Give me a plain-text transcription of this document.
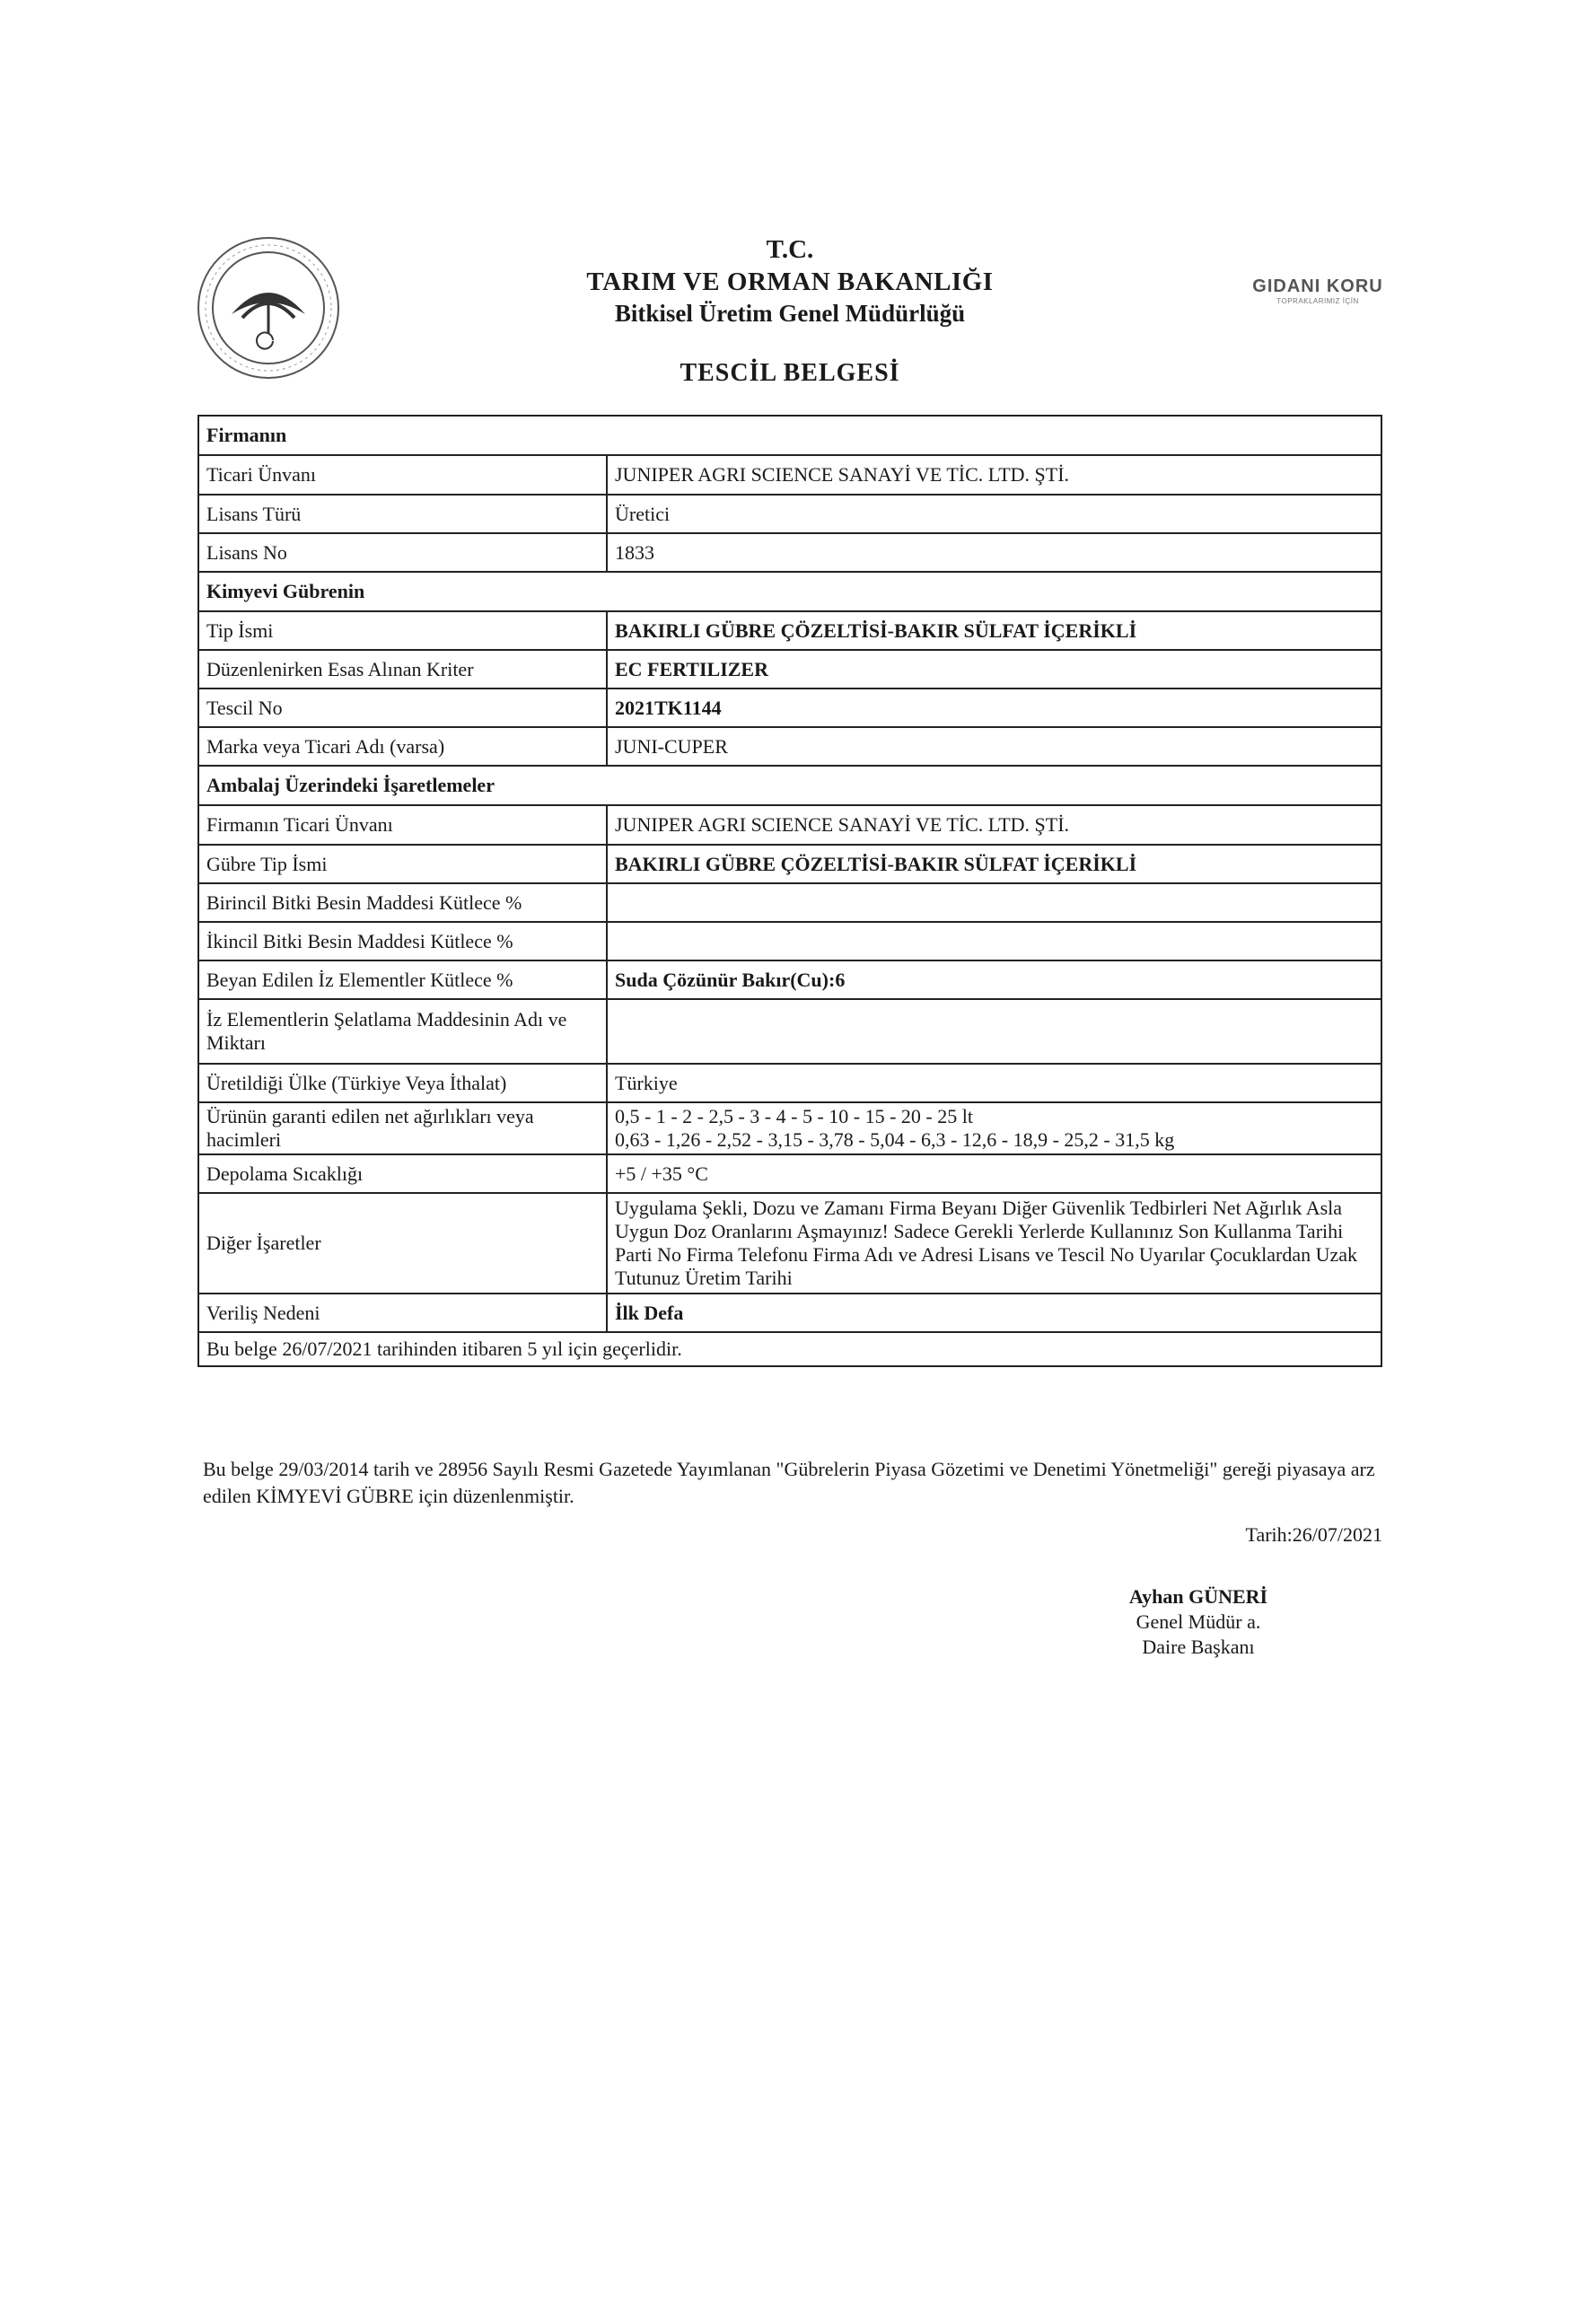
T.C.
TARIM VE ORMAN BAKANLIĞI
Bitkisel Üretim Genel Müdürlüğü
TESCİL BELGESİ
GIDANI KORU
TOPRAKLARIMIZ İÇİN
Firmanın	
Ticari Ünvanı	JUNIPER AGRI SCIENCE SANAYİ VE TİC. LTD. ŞTİ.
Lisans Türü	Üretici
Lisans No	1833
Kimyevi Gübrenin	
Tip İsmi	BAKIRLI GÜBRE ÇÖZELTİSİ-BAKIR SÜLFAT İÇERİKLİ
Düzenlenirken Esas Alınan Kriter	EC FERTILIZER
Tescil No	2021TK1144
Marka veya Ticari Adı (varsa)	JUNI-CUPER
Ambalaj Üzerindeki İşaretlemeler	
Firmanın Ticari Ünvanı	JUNIPER AGRI SCIENCE SANAYİ VE TİC. LTD. ŞTİ.
Gübre Tip İsmi	BAKIRLI GÜBRE ÇÖZELTİSİ-BAKIR SÜLFAT İÇERİKLİ
Birincil Bitki Besin Maddesi Kütlece %	
İkincil Bitki Besin Maddesi Kütlece %	
Beyan Edilen İz Elementler Kütlece %	Suda Çözünür Bakır(Cu):6
İz Elementlerin Şelatlama Maddesinin Adı ve Miktarı	
Üretildiği Ülke (Türkiye Veya İthalat)	Türkiye
Ürünün garanti edilen net ağırlıkları veya hacimleri	0,5 - 1 - 2 - 2,5 - 3 - 4 - 5 - 10 - 15 - 20 - 25 lt
0,63 - 1,26 - 2,52 - 3,15 - 3,78 - 5,04 - 6,3 - 12,6 - 18,9 - 25,2 - 31,5 kg

Depolama Sıcaklığı	+5 / +35 °C
Diğer İşaretler	Uygulama Şekli, Dozu ve Zamanı Firma Beyanı Diğer Güvenlik Tedbirleri Net Ağırlık Asla Uygun Doz Oranlarını Aşmayınız! Sadece Gerekli Yerlerde Kullanınız Son Kullanma Tarihi Parti No Firma Telefonu Firma Adı ve Adresi Lisans ve Tescil No Uyarılar Çocuklardan Uzak Tutunuz Üretim Tarihi
Veriliş Nedeni	İlk Defa
Bu belge 26/07/2021 tarihinden itibaren 5 yıl için geçerlidir.	
Bu belge 29/03/2014 tarih ve 28956 Sayılı Resmi Gazetede Yayımlanan "Gübrelerin Piyasa Gözetimi ve Denetimi Yönetmeliği" gereği piyasaya arz edilen KİMYEVİ GÜBRE için düzenlenmiştir.
Tarih:26/07/2021
Ayhan GÜNERİ
Genel Müdür a.
Daire Başkanı
